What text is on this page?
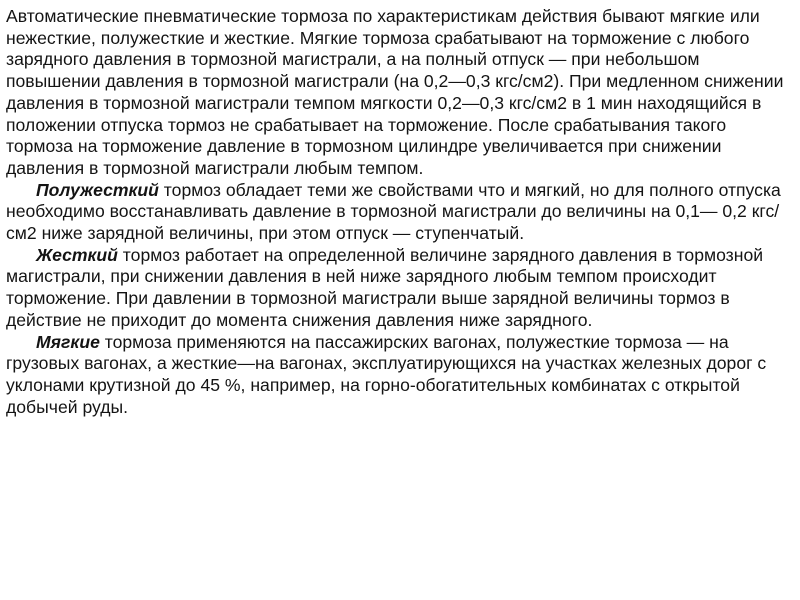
Автоматические пневматические тормоза по характеристикам действия бывают мягкие или нежесткие, полужесткие и жесткие. Мягкие тормоза срабатывают на торможение с любого зарядного давления в тормозной магистрали, а на полный отпуск — при небольшом повышении давления в тормозной магистрали (на 0,2—0,3 кгс/см2). При медленном снижении давления в тормозной магистрали темпом мягкости 0,2—0,3 кгс/см2 в 1 мин находящийся в положении отпуска тормоз не срабатывает на торможение. После срабатывания такого тормоза на торможение давление в тормозном цилиндре увеличивается при снижении давления в тормозной магистрали любым темпом.

Полужесткий тормоз обладает теми же свойствами что и мягкий, но для полного отпуска необходимо восстанавливать давление в тормозной магистрали до величины на 0,1— 0,2 кгс/см2 ниже зарядной величины, при этом отпуск — ступенчатый.

Жесткий тормоз работает на определенной величине зарядного давления в тормозной магистрали, при снижении давления в ней ниже зарядного любым темпом происходит торможение. При давлении в тормозной магистрали выше зарядной величины тормоз в действие не приходит до момента снижения давления ниже зарядного.

Мягкие тормоза применяются на пассажирских вагонах, полужесткие тормоза — на грузовых вагонах, а жесткие—на вагонах, эксплуатирующихся на участках железных дорог с уклонами крутизной до 45 %, например, на горно-обогатительных комбинатах с открытой добычей руды.
